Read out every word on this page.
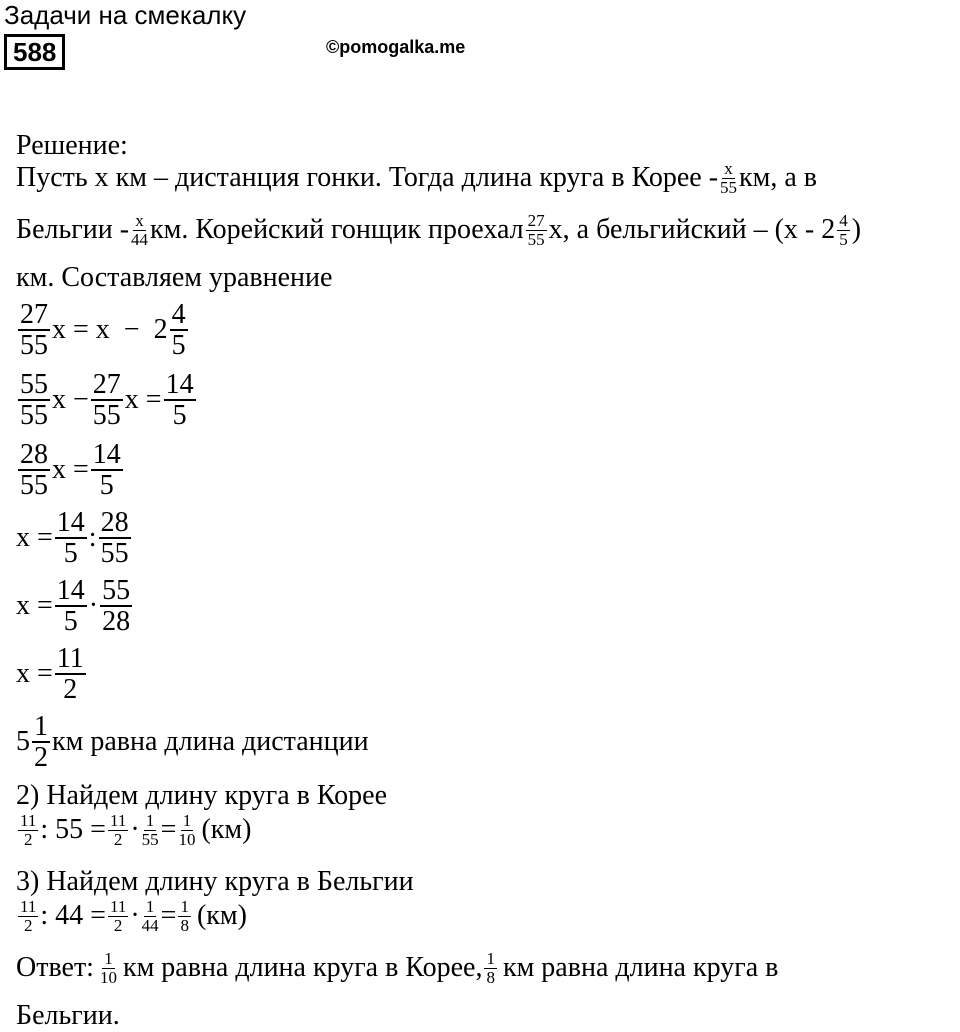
Задачи на смекалку
588	©pomogalka.me
Решение:
Пусть x км – дистанция гонки. Тогда длина круга в Корее - $\frac{x}{55}$ км, а в
Бельгии - $\frac{x}{44}$ км. Корейский гонщик проехал $\frac{27}{55} x$, а бельгийский – ($x - 2 \frac{4}{5}$ )
км. Составляем уравнение
$\frac{27}{55}$ $x = x - 2 \frac{4}{5}$
$\frac{55}{55}$ $x - \frac{27}{55}$ $x = \frac{14}{5}$
$\frac{28}{55}$ $x = \frac{14}{5}$
$x = \frac{14}{5}$ : $\frac{28}{55}$
$x = \frac{14}{5} \cdot \frac{55}{28}$
$x = \frac{11}{2}$
$5 \frac{1}{2}$ км равна длина дистанции
2) Найдем длину круга в Корее
$\frac{11}{2}$ : $55 = \frac{11}{2} \cdot \frac{1}{55} = \frac{1}{10} (км)$
3) Найдем длину круга в Бельгии
$\frac{11}{2}$ : $44 = \frac{11}{2} \cdot \frac{1}{44} = \frac{1}{8} (км)$
Ответ: $\frac{1}{10}$ км равна длина круга в Корее, $\frac{1}{8}$ км равна длина круга в
Бельгии.
